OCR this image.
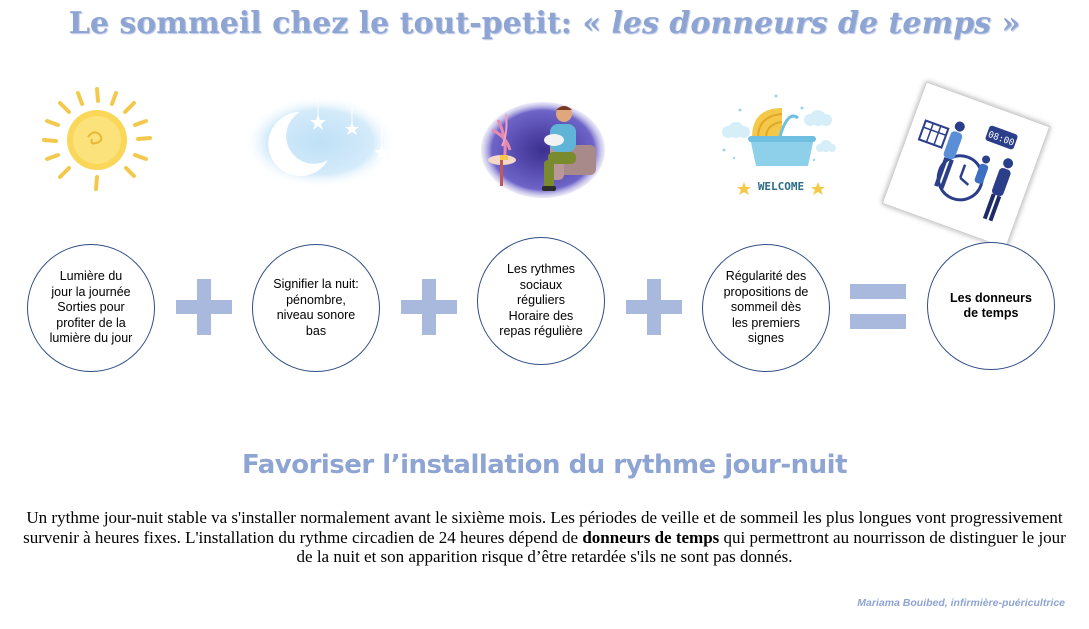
Le sommeil chez le tout-petit: « les donneurs de temps »
WELCOME
08:00
Lumière du
jour la journée
Sorties pour
profiter de la
lumière du jour
Signifier la nuit:
pénombre,
niveau sonore
bas
Les rythmes
sociaux
réguliers
Horaire des
repas régulière
Régularité des
propositions de
sommeil dès
les premiers
signes
Les donneurs
de temps
Favoriser l’installation du rythme jour-nuit
Un rythme jour-nuit stable va s'installer normalement avant le sixième mois. Les périodes de veille et de sommeil les plus longues vont progressivement survenir à heures fixes. L'installation du rythme circadien de 24 heures dépend de donneurs de temps qui permettront au nourrisson de distinguer le jour de la nuit et son apparition risque d’être retardée s'ils ne sont pas donnés.
Mariama Bouibed, infirmière-puéricultrice
